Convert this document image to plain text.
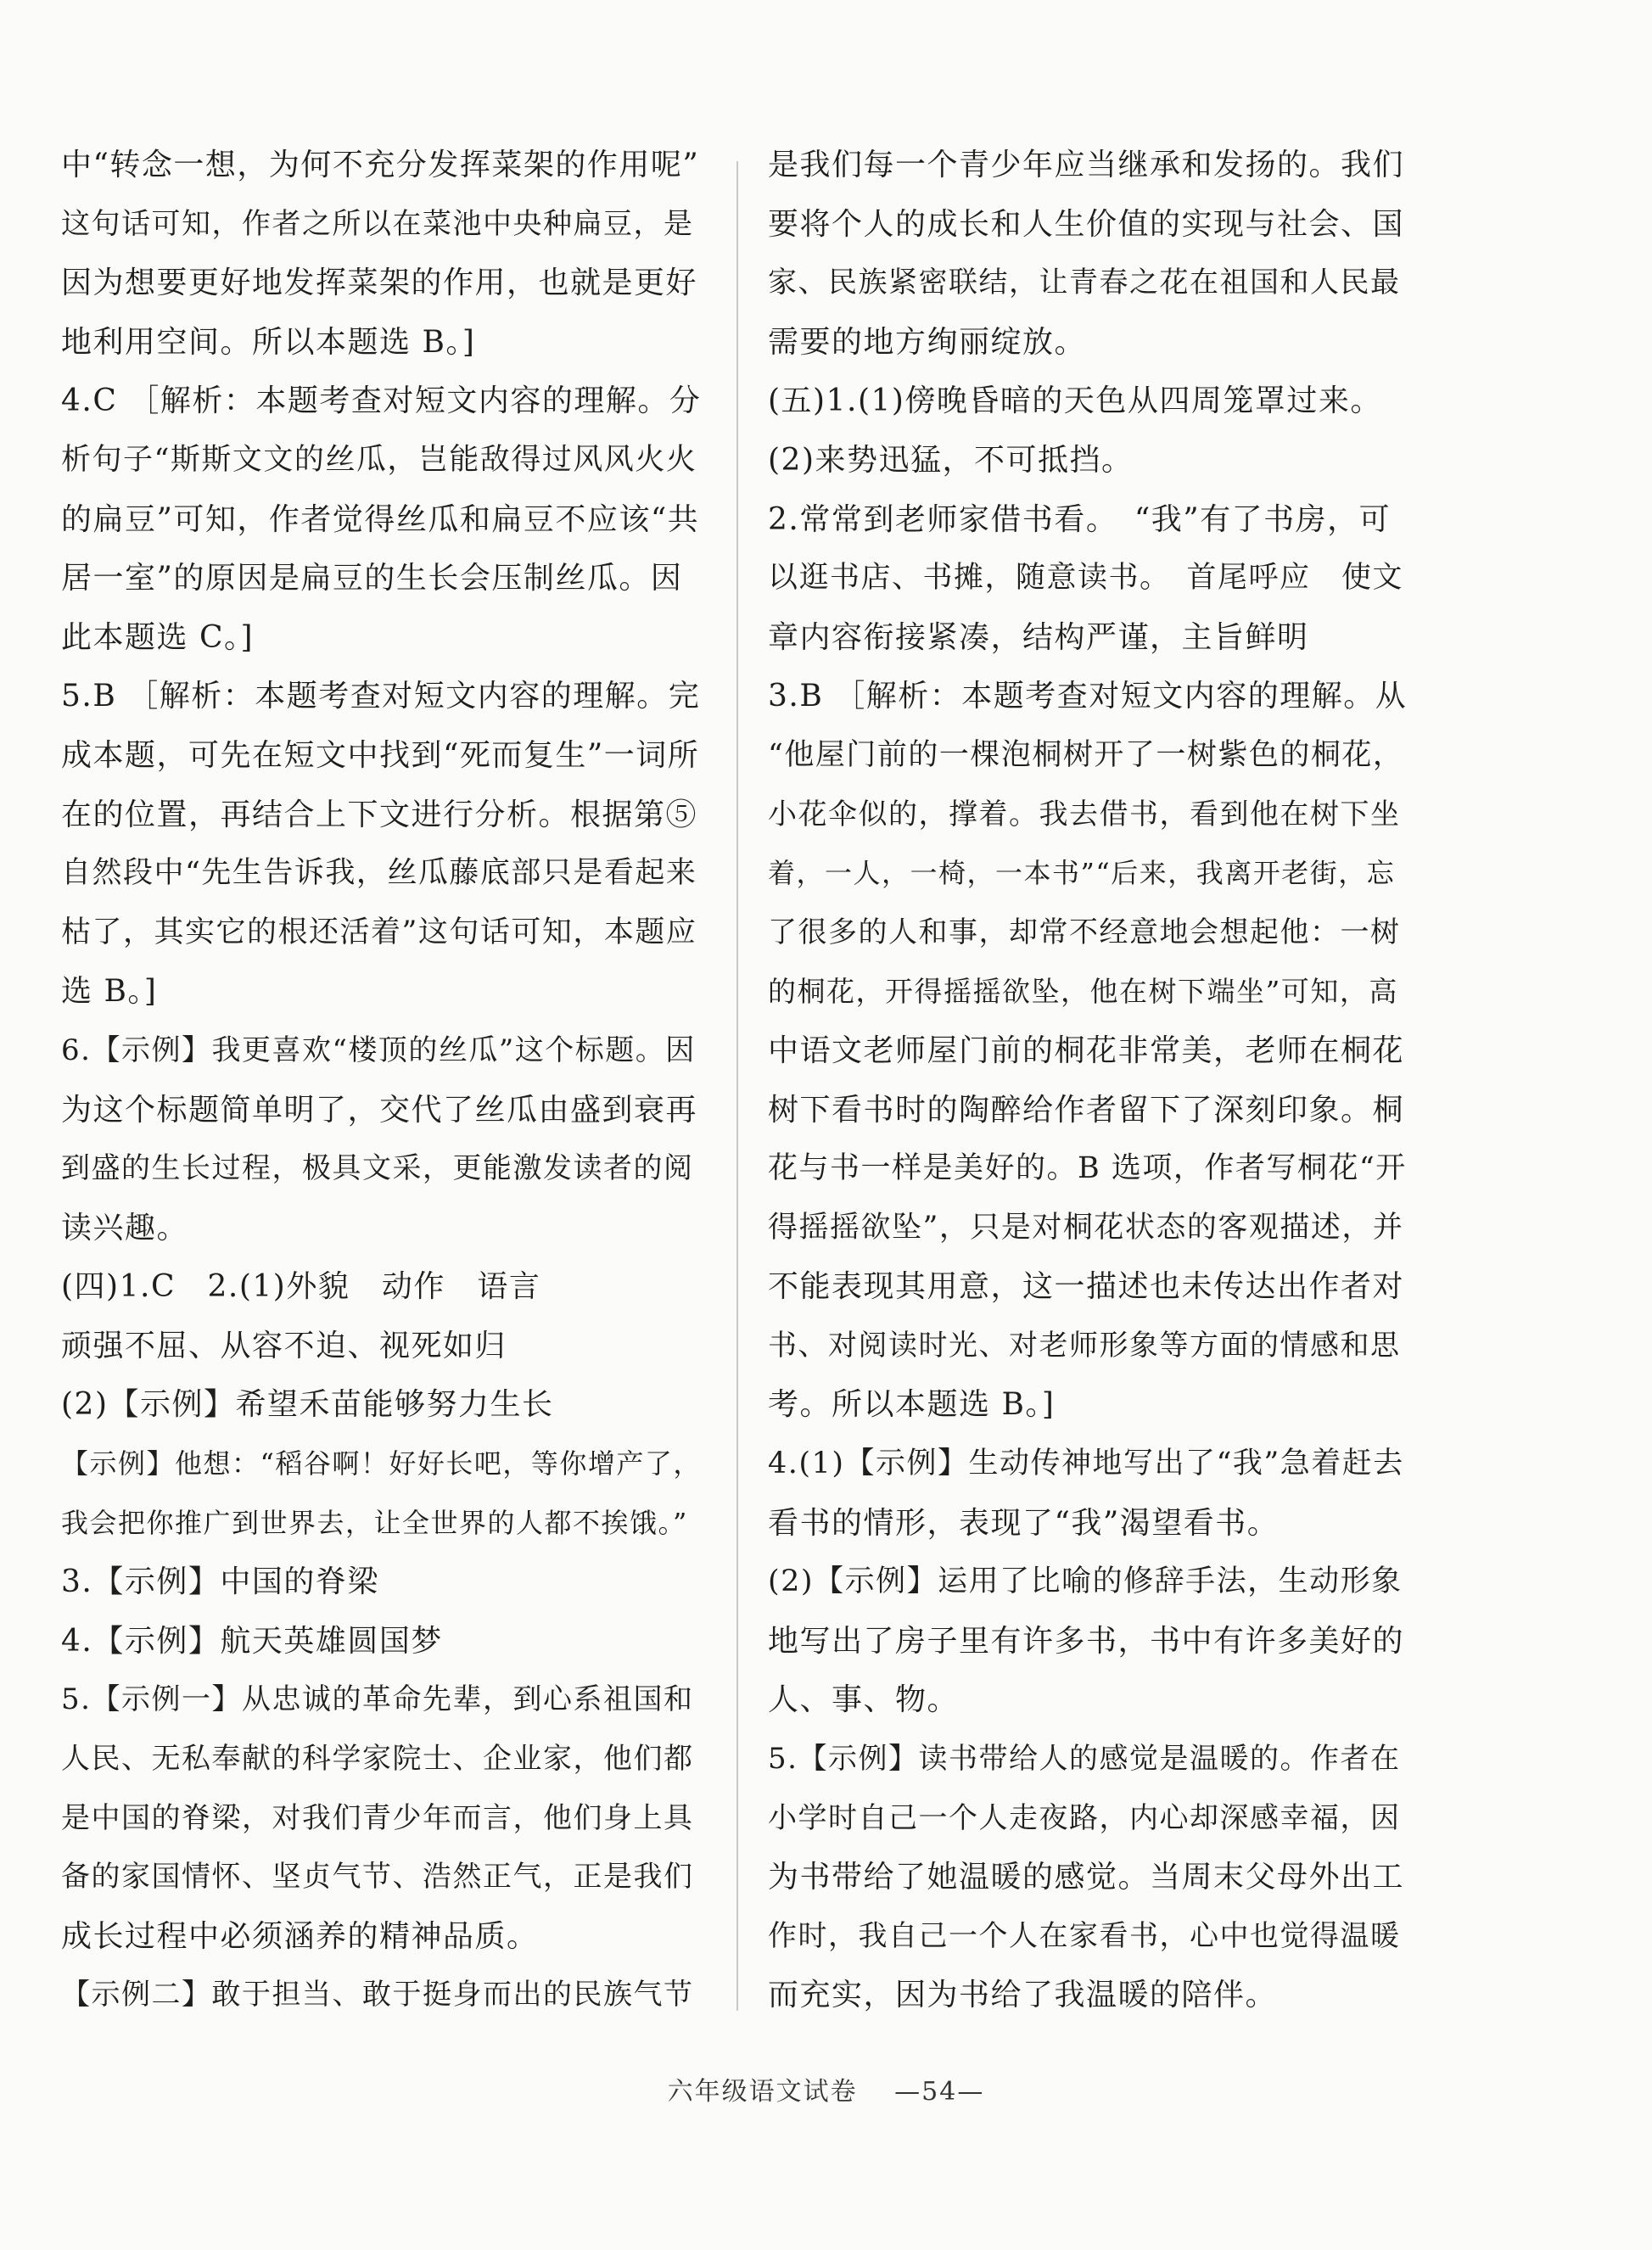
中“转念一想，为何不充分发挥菜架的作用呢”
这句话可知，作者之所以在菜池中央种扁豆，是
因为想要更好地发挥菜架的作用，也就是更好
地利用空间。所以本题选 B。]
4.C ［解析：本题考查对短文内容的理解。分
析句子“斯斯文文的丝瓜，岂能敌得过风风火火
的扁豆”可知，作者觉得丝瓜和扁豆不应该“共
居一室”的原因是扁豆的生长会压制丝瓜。因
此本题选 C。]
5.B ［解析：本题考查对短文内容的理解。完
成本题，可先在短文中找到“死而复生”一词所
在的位置，再结合上下文进行分析。根据第⑤
自然段中“先生告诉我，丝瓜藤底部只是看起来
枯了，其实它的根还活着”这句话可知，本题应
选 B。]
6.【示例】我更喜欢“楼顶的丝瓜”这个标题。因
为这个标题简单明了，交代了丝瓜由盛到衰再
到盛的生长过程，极具文采，更能激发读者的阅
读兴趣。
(四)1.C　2.(1)外貌　动作　语言
顽强不屈、从容不迫、视死如归
(2)【示例】希望禾苗能够努力生长
【示例】他想：“稻谷啊！好好长吧，等你增产了，
我会把你推广到世界去，让全世界的人都不挨饿。”
3.【示例】中国的脊梁
4.【示例】航天英雄圆国梦
5.【示例一】从忠诚的革命先辈，到心系祖国和
人民、无私奉献的科学家院士、企业家，他们都
是中国的脊梁，对我们青少年而言，他们身上具
备的家国情怀、坚贞气节、浩然正气，正是我们
成长过程中必须涵养的精神品质。
【示例二】敢于担当、敢于挺身而出的民族气节
是我们每一个青少年应当继承和发扬的。我们
要将个人的成长和人生价值的实现与社会、国
家、民族紧密联结，让青春之花在祖国和人民最
需要的地方绚丽绽放。
(五)1.(1)傍晚昏暗的天色从四周笼罩过来。
(2)来势迅猛，不可抵挡。
2.常常到老师家借书看。　“我”有了书房，可
以逛书店、书摊，随意读书。　首尾呼应　使文
章内容衔接紧凑，结构严谨，主旨鲜明
3.B ［解析：本题考查对短文内容的理解。从
“他屋门前的一棵泡桐树开了一树紫色的桐花，
小花伞似的，撑着。我去借书，看到他在树下坐
着，一人，一椅，一本书”“后来，我离开老街，忘
了很多的人和事，却常不经意地会想起他：一树
的桐花，开得摇摇欲坠，他在树下端坐”可知，高
中语文老师屋门前的桐花非常美，老师在桐花
树下看书时的陶醉给作者留下了深刻印象。桐
花与书一样是美好的。B 选项，作者写桐花“开
得摇摇欲坠”，只是对桐花状态的客观描述，并
不能表现其用意，这一描述也未传达出作者对
书、对阅读时光、对老师形象等方面的情感和思
考。所以本题选 B。]
4.(1)【示例】生动传神地写出了“我”急着赶去
看书的情形，表现了“我”渴望看书。
(2)【示例】运用了比喻的修辞手法，生动形象
地写出了房子里有许多书，书中有许多美好的
人、事、物。
5.【示例】读书带给人的感觉是温暖的。作者在
小学时自己一个人走夜路，内心却深感幸福，因
为书带给了她温暖的感觉。当周末父母外出工
作时，我自己一个人在家看书，心中也觉得温暖
而充实，因为书给了我温暖的陪伴。
六年级语文试卷 —54—
